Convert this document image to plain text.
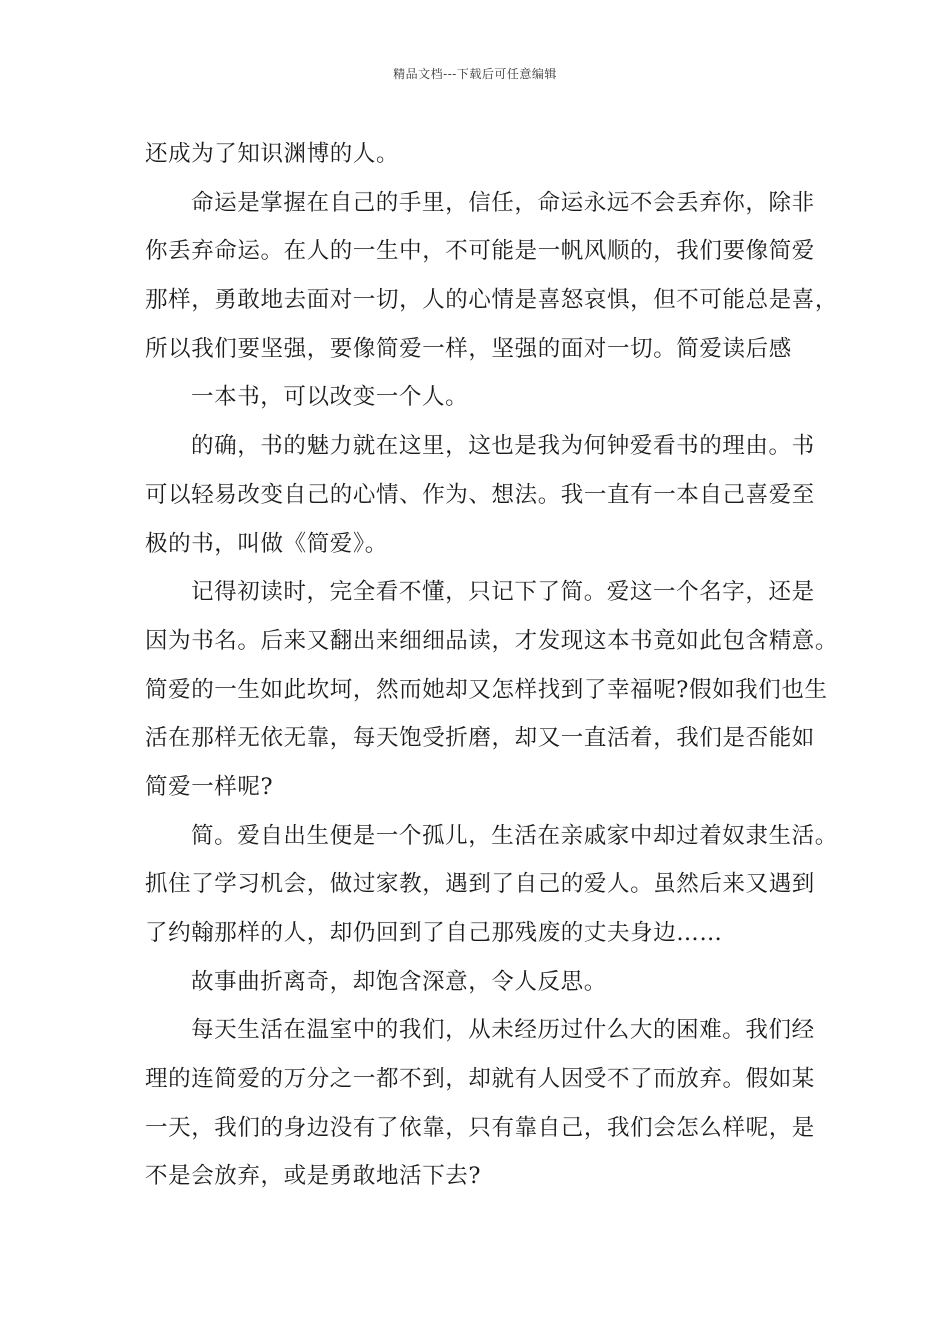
精品文档---下载后可任意编辑
还成为了知识渊博的人。
命运是掌握在自己的手里，信任，命运永远不会丢弃你，除非
你丢弃命运。在人的一生中，不可能是一帆风顺的，我们要像简爱
那样，勇敢地去面对一切，人的心情是喜怒哀惧，但不可能总是喜，
所以我们要坚强，要像简爱一样，坚强的面对一切。简爱读后感
一本书，可以改变一个人。
的确，书的魅力就在这里，这也是我为何钟爱看书的理由。书
可以轻易改变自己的心情、作为、想法。我一直有一本自己喜爱至
极的书，叫做《简爱》。
记得初读时，完全看不懂，只记下了简。爱这一个名字，还是
因为书名。后来又翻出来细细品读，才发现这本书竟如此包含精意。
简爱的一生如此坎坷，然而她却又怎样找到了幸福呢?假如我们也生
活在那样无依无靠，每天饱受折磨，却又一直活着，我们是否能如
简爱一样呢?
简。爱自出生便是一个孤儿，生活在亲戚家中却过着奴隶生活。
抓住了学习机会，做过家教，遇到了自己的爱人。虽然后来又遇到
了约翰那样的人，却仍回到了自己那残废的丈夫身边……
故事曲折离奇，却饱含深意，令人反思。
每天生活在温室中的我们，从未经历过什么大的困难。我们经
理的连简爱的万分之一都不到，却就有人因受不了而放弃。假如某
一天，我们的身边没有了依靠，只有靠自己，我们会怎么样呢，是
不是会放弃，或是勇敢地活下去?
